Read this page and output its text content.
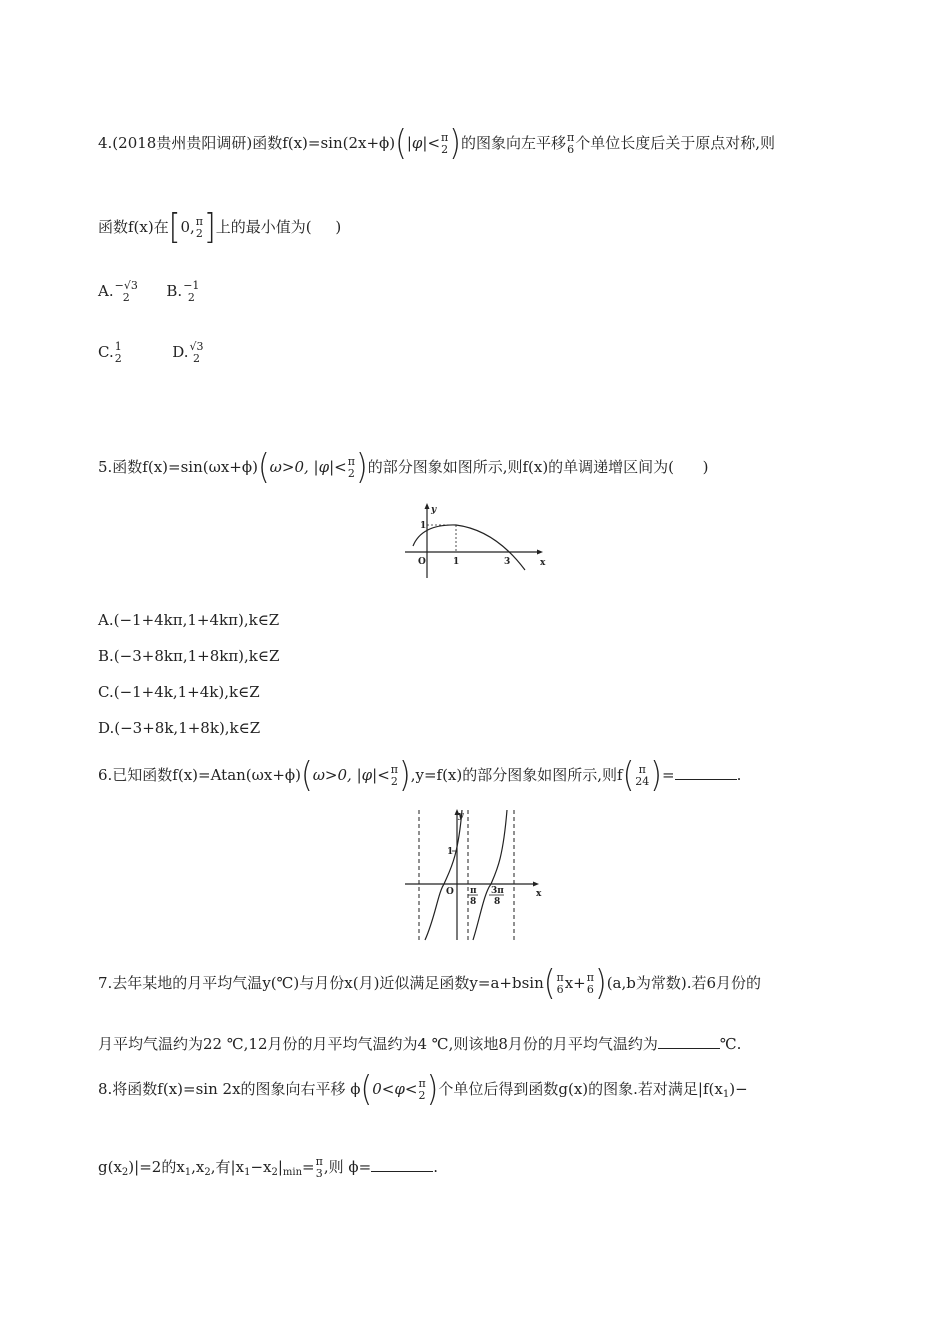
4.(2018贵州贵阳调研)函数f(x)=sin(2x+ϕ)(|φ|< π
2 )的图象向左平移 π
6 个单位长度后关于原点对称,则
函数f(x)在[0, π
2 ]上的最小值为( )
A. −√3
2	B. −1
2
C. 1
2	D. √3
2
5.函数f(x)=sin(ωx+ϕ)(ω>0, |φ|< π
2 )的部分图象如图所示,则f(x)的单调递增区间为( )
y
x
O
1
1	3
A.(−1+4kπ,1+4kπ),k∈Z
B.(−3+8kπ,1+8kπ),k∈Z
C.(−1+4k,1+4k),k∈Z
D.(−3+8k,1+8k),k∈Z
6.已知函数f(x)=Atan(ωx+ϕ)(ω>0, |φ|< π
2 ),y=f(x)的部分图象如图所示,则f( π
24 )=	.
y
x
O
1
π
8
3π
8
7.去年某地的月平均气温y(℃)与月份x(月)近似满足函数y=a+bsin( π
6 x+ π
6 )(a,b为常数).若6月份的
月平均气温约为22 ℃,12月份的月平均气温约为4 ℃,则该地8月份的月平均气温约为	℃.
8.将函数f(x)=sin 2x的图象向右平移 ϕ(0<φ< π
2 )个单位后得到函数g(x)的图象.若对满足$|f(x_1)-$
$g(x_2)|=2$的$x_1,x_2$,有$|x_1-x_2|_{min}= \pi$
3 ,则 ϕ=	.
